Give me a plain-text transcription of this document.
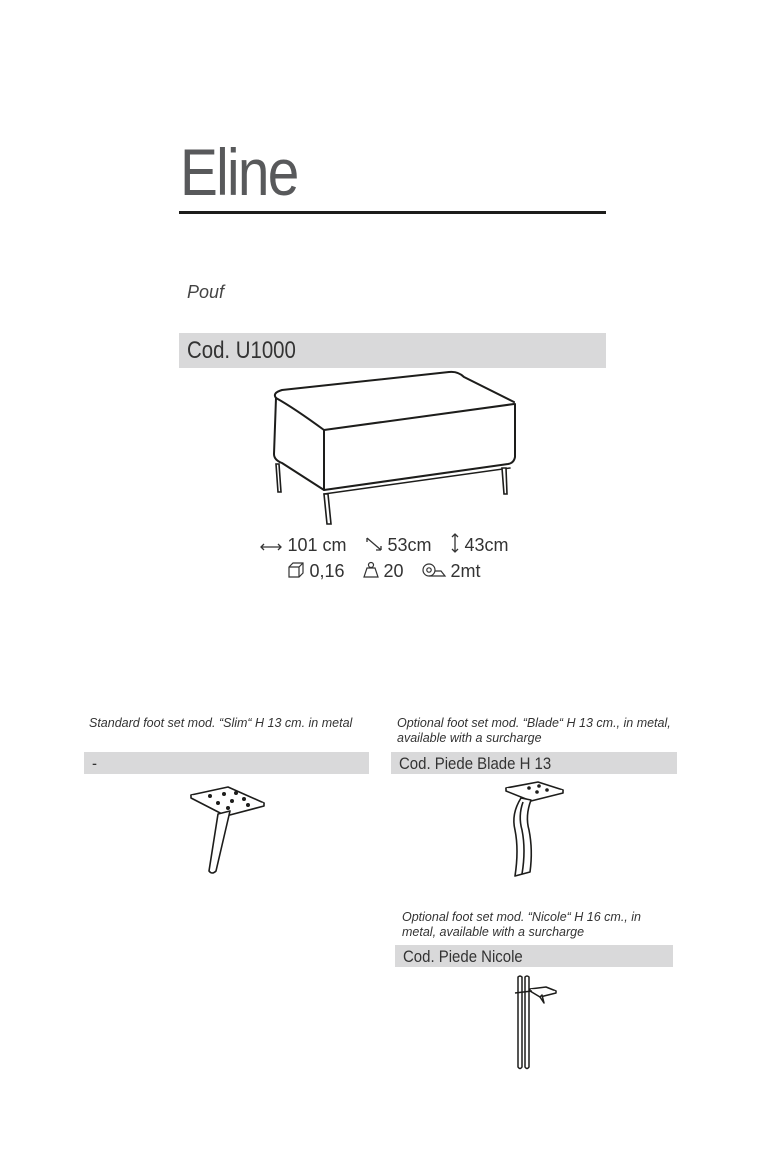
Eline
Pouf
Cod. U1000
101 cm 53cm 43cm
0,16 20	2mt
Standard foot set mod. “Slim“ H 13 cm. in metal
-
Optional foot set mod. “Blade“ H 13 cm., in metal, available with a surcharge
Cod. Piede Blade H 13
Optional foot set mod. “Nicole“ H 16 cm., in metal, available with a surcharge
Cod. Piede Nicole
